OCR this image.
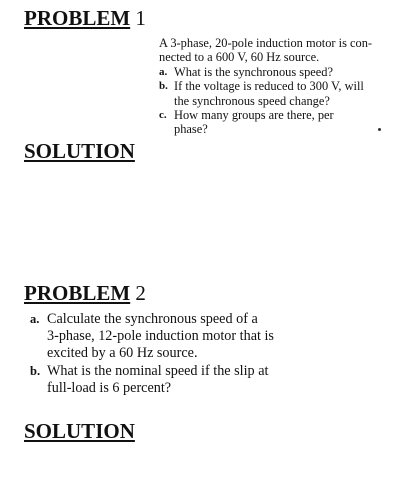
PROBLEM 1
A 3-phase, 20-pole induction motor is con-
nected to a 600 V, 60 Hz source.
a. What is the synchronous speed?
b. If the voltage is reduced to 300 V, will
the synchronous speed change?
c. How many groups are there, per
phase?
SOLUTION
PROBLEM 2
a. Calculate the synchronous speed of a
3-phase, 12-pole induction motor that is
excited by a 60 Hz source.
b. What is the nominal speed if the slip at
full-load is 6 percent?
SOLUTION
